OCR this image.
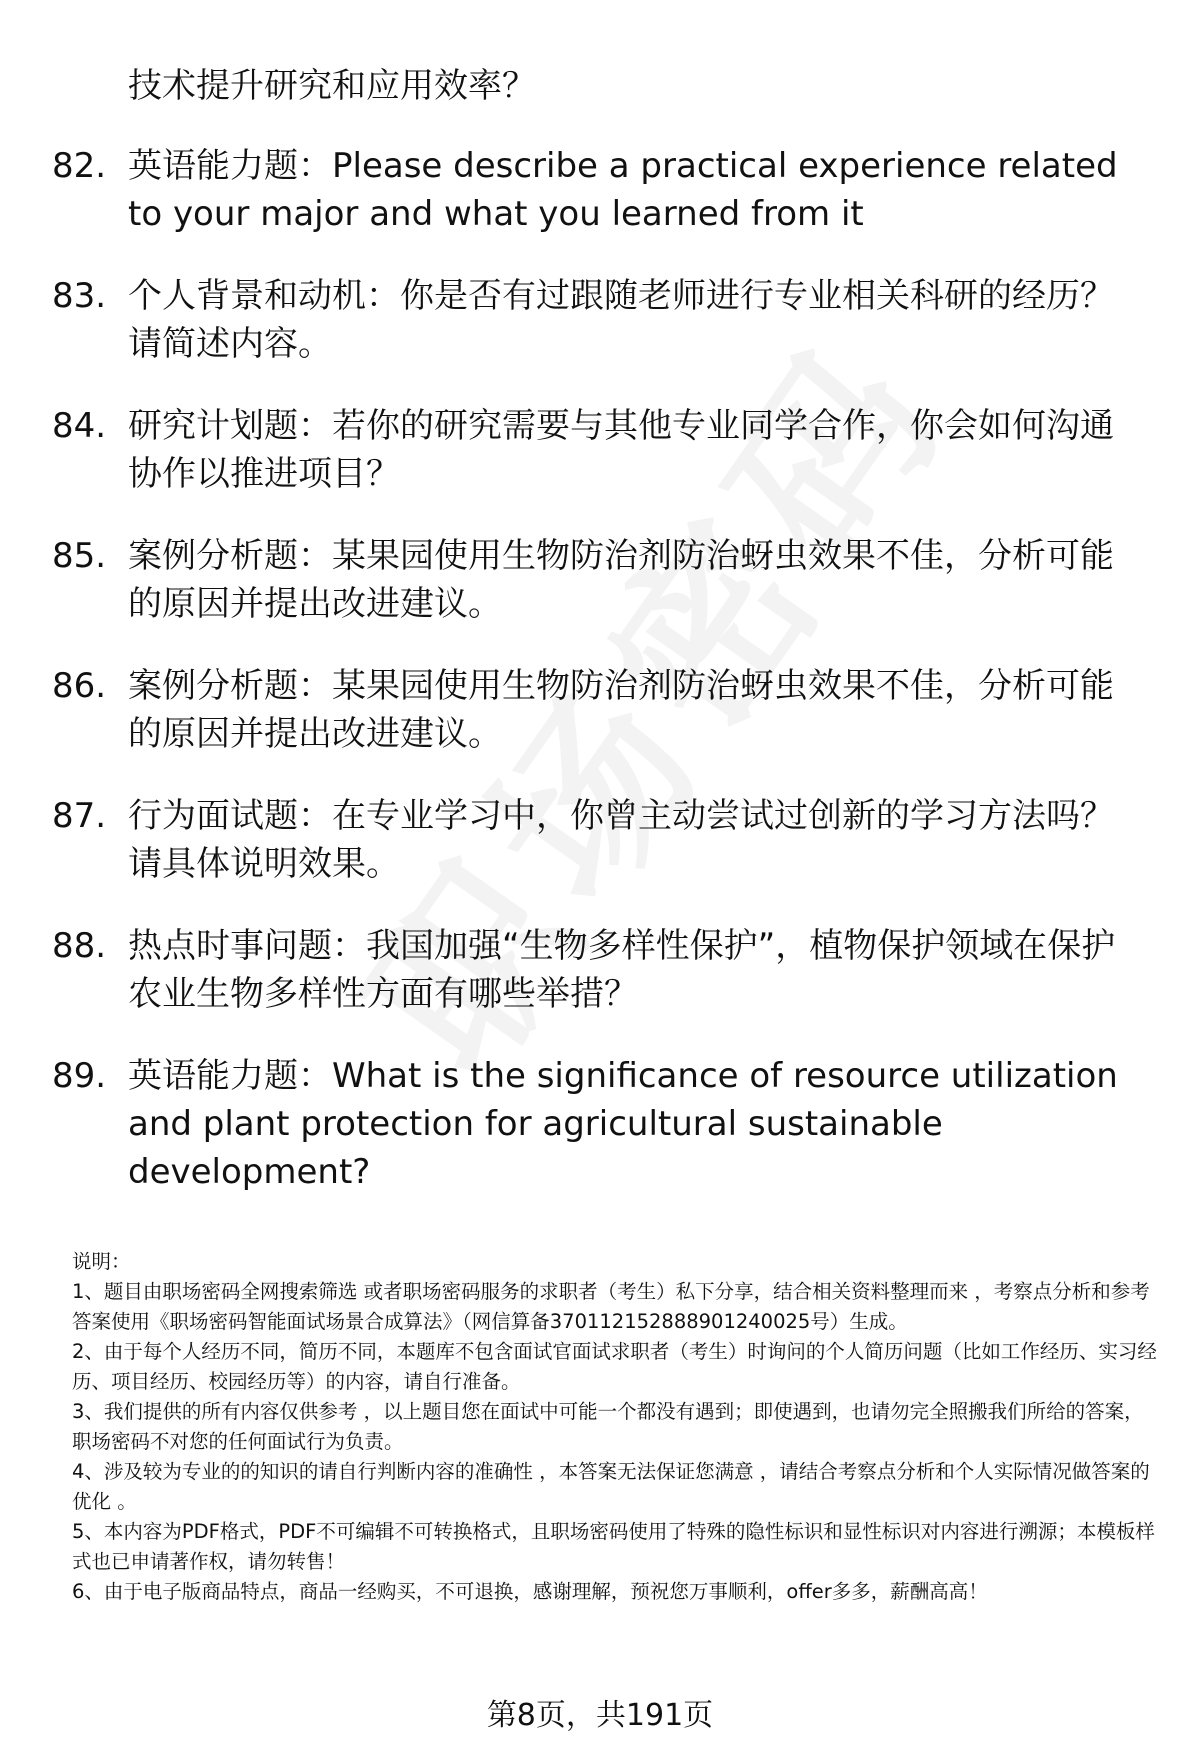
技术提升研究和应用效率？
82. 英语能力题：Please describe a practical experience related to your major and what you learned from it
83. 个人背景和动机：你是否有过跟随老师进行专业相关科研的经历？请简述内容。
84. 研究计划题：若你的研究需要与其他专业同学合作，你会如何沟通协作以推进项目？
85. 案例分析题：某果园使用生物防治剂防治蚜虫效果不佳，分析可能的原因并提出改进建议。
86. 案例分析题：某果园使用生物防治剂防治蚜虫效果不佳，分析可能的原因并提出改进建议。
87. 行为面试题：在专业学习中，你曾主动尝试过创新的学习方法吗？请具体说明效果。
88. 热点时事问题：我国加强“生物多样性保护”，植物保护领域在保护农业生物多样性方面有哪些举措？
89. 英语能力题：What is the significance of resource utilization and plant protection for agricultural sustainable development?

说明：

1、题目由职场密码全网搜索筛选 或者职场密码服务的求职者（考生）私下分享，结合相关资料整理而来 ，考察点分析和参考答案使用《职场密码智能面试场景合成算法》（网信算备370112152888901240025号）生成。

2、由于每个人经历不同，简历不同，本题库不包含面试官面试求职者（考生）时询问的个人简历问题（比如工作经历、实习经历、项目经历、校园经历等）的内容，请自行准备。

3、我们提供的所有内容仅供参考 ，以上题目您在面试中可能一个都没有遇到；即使遇到，也请勿完全照搬我们所给的答案，职场密码不对您的任何面试行为负责。

4、涉及较为专业的的知识的请自行判断内容的准确性 ，本答案无法保证您满意 ，请结合考察点分析和个人实际情况做答案的优化 。

5、本内容为PDF格式，PDF不可编辑不可转换格式，且职场密码使用了特殊的隐性标识和显性标识对内容进行溯源；本模板样式也已申请著作权，请勿转售！

6、由于电子版商品特点，商品一经购买，不可退换，感谢理解，预祝您万事顺利，offer多多，薪酬高高！

第8页，共191页
